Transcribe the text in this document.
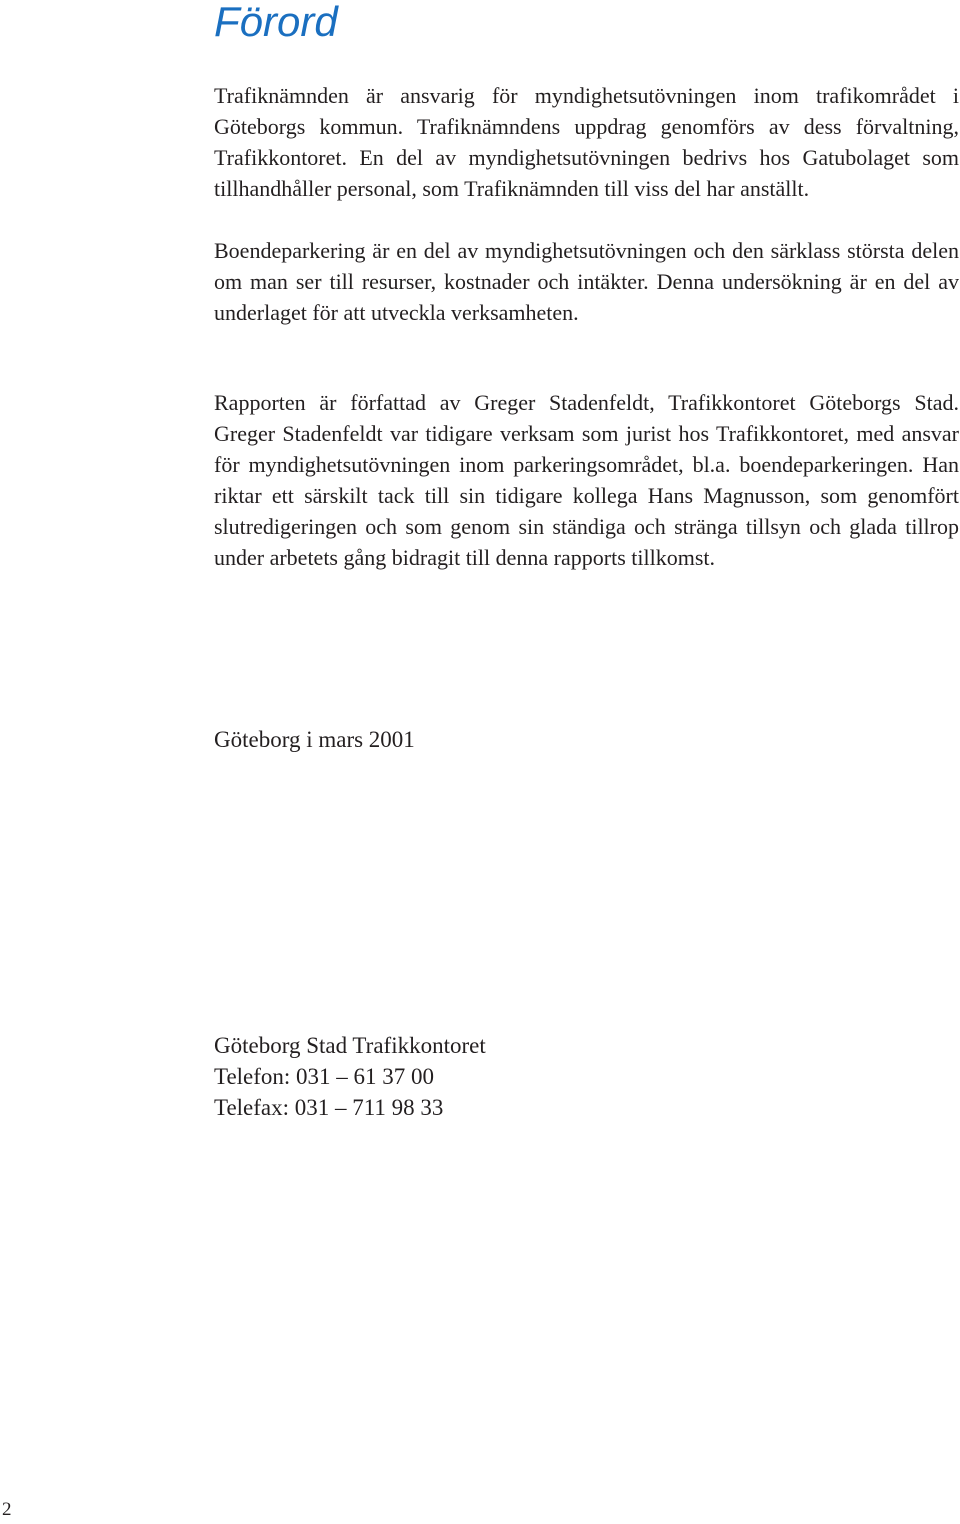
Förord

Trafiknämnden är ansvarig för myndighetsutövningen inom trafikområdet i Göteborgs kommun. Trafiknämndens uppdrag genomförs av dess förvaltning, Trafikkontoret. En del av myndighetsutövningen bedrivs hos Gatubolaget som tillhandhåller personal, som Trafiknämnden till viss del har anställt.

Boendeparkering är en del av myndighetsutövningen och den särklass största delen om man ser till resurser, kostnader och intäkter. Denna undersökning är en del av underlaget för att utveckla verksamheten.

Rapporten är författad av Greger Stadenfeldt, Trafikkontoret Göteborgs Stad. Greger Stadenfeldt var tidigare verksam som jurist hos Trafikkontoret, med ansvar för myndighetsutövningen inom parkeringsområdet, bl.a. boendeparkeringen. Han riktar ett särskilt tack till sin tidigare kollega Hans Magnusson, som genomfört slutredigeringen och som genom sin ständiga och stränga tillsyn och glada tillrop under arbetets gång bidragit till denna rapports tillkomst.

Göteborg i mars 2001

Göteborg Stad Trafikkontoret

Telefon: 031 – 61 37 00

Telefax: 031 – 711 98 33

2
